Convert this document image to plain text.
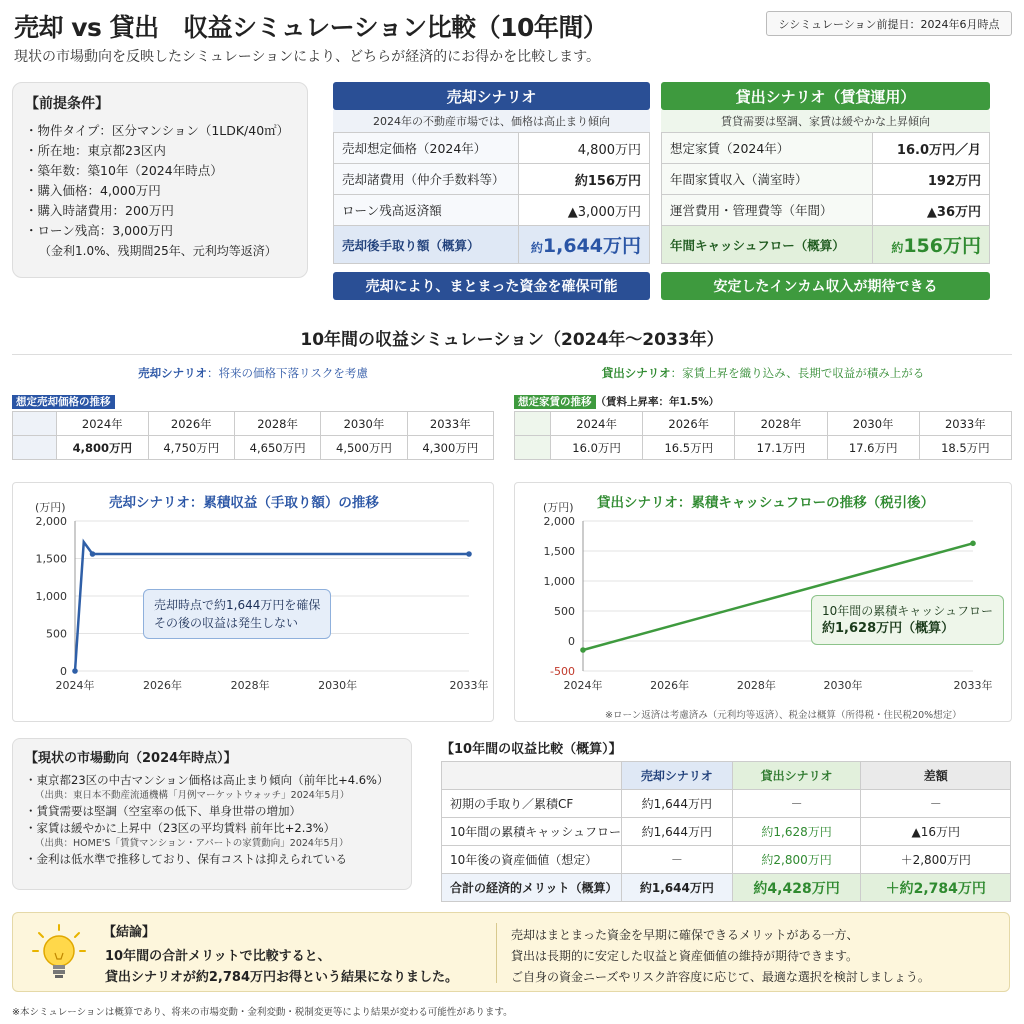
売却 vs 貸出　収益シミュレーション比較（10年間）
現状の市場動向を反映したシミュレーションにより、どちらが経済的にお得かを比較します。
シシミュレーション前提日：2024年6月時点
【前提条件】
・物件タイプ：区分マンション（1LDK/40㎡）
・所在地：東京都23区内
・築年数：築10年（2024年時点）
・購入価格：4,000万円
・購入時諸費用：200万円
・ローン残高：3,000万円
（金利1.0%、残期間25年、元利均等返済）
売却シナリオ
2024年の不動産市場では、価格は高止まり傾向
売却想定価格（2024年）	4,800万円
売却諸費用（仲介手数料等）	約156万円
ローン残高返済額	▲3,000万円
売却後手取り額（概算）	約1,644万円
売却により、まとまった資金を確保可能
貸出シナリオ（賃貸運用）
賃貸需要は堅調、家賃は緩やかな上昇傾向
想定家賃（2024年）	16.0万円／月
年間家賃収入（満室時）	192万円
運営費用・管理費等（年間）	▲36万円
年間キャッシュフロー（概算）	約156万円
安定したインカム収入が期待できる
10年間の収益シミュレーション（2024年〜2033年）
売却シナリオ ：将来の価格下落リスクを考慮
想定売却価格の推移
	2024年	2026年	2028年	2030年	2033年
	4,800万円	4,750万円	4,650万円	4,500万円	4,300万円
貸出シナリオ ：家賃上昇を織り込み、長期で収益が積み上がる
想定家賃の推移 （賃料上昇率：年1.5%）
	2024年	2026年	2028年	2030年	2033年
	16.0万円	16.5万円	17.1万円	17.6万円	18.5万円
売却シナリオ：累積収益（手取り額）の推移
(万円)
2,000
1,500
1,000
500
0
2024年	2026年	2028年	2030年	2033年
売却時点で約1,644万円を確保
その後の収益は発生しない
貸出シナリオ：累積キャッシュフローの推移（税引後）
(万円)
2,000
1,500
1,000
500
0
-500
2024年	2026年	2028年	2030年	2033年
10年間の累積キャッシュフロー
約1,628万円（概算）
※ローン返済は考慮済み（元利均等返済）、税金は概算（所得税・住民税20%想定）
【現状の市場動向（2024年時点）】

・東京都23区の中古マンション価格は高止まり傾向（前年比+4.6%）

（出典：東日本不動産流通機構「月例マーケットウォッチ」2024年5月）

・賃貸需要は堅調（空室率の低下、単身世帯の増加）

・家賃は緩やかに上昇中（23区の平均賃料 前年比+2.3%）

（出典：HOME'S「賃貸マンション・アパートの家賃動向」2024年5月）

・金利は低水準で推移しており、保有コストは抑えられている

【10年間の収益比較（概算）】
	売却シナリオ	貸出シナリオ	差額
初期の手取り／累積CF	約1,644万円	－	－
10年間の累積キャッシュフロー	約1,644万円	約1,628万円	▲16万円
10年後の資産価値（想定）	－	約2,800万円	＋2,800万円
合計の経済的メリット（概算）	約1,644万円	約4,428万円	＋約2,784万円
【結論】
10年間の合計メリットで比較すると、
貸出シナリオが約2,784万円お得という結果になりました。
売却はまとまった資金を早期に確保できるメリットがある一方、
貸出は長期的に安定した収益と資産価値の維持が期待できます。
ご自身の資金ニーズやリスク許容度に応じて、最適な選択を検討しましょう。
※本シミュレーションは概算であり、将来の市場変動・金利変動・税制変更等により結果が変わる可能性があります。
